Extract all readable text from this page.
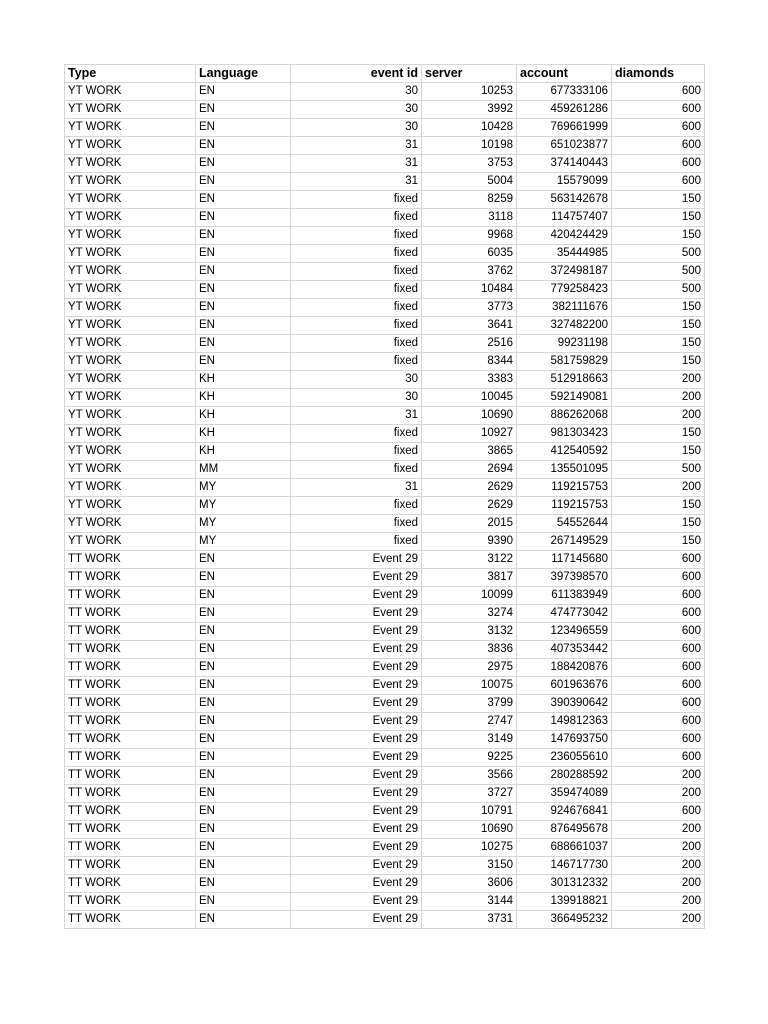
Type	Language	event id	server	account	diamonds
YT WORK	EN	30	10253	677333106	600
YT WORK	EN	30	3992	459261286	600
YT WORK	EN	30	10428	769661999	600
YT WORK	EN	31	10198	651023877	600
YT WORK	EN	31	3753	374140443	600
YT WORK	EN	31	5004	15579099	600
YT WORK	EN	fixed	8259	563142678	150
YT WORK	EN	fixed	3118	114757407	150
YT WORK	EN	fixed	9968	420424429	150
YT WORK	EN	fixed	6035	35444985	500
YT WORK	EN	fixed	3762	372498187	500
YT WORK	EN	fixed	10484	779258423	500
YT WORK	EN	fixed	3773	382111676	150
YT WORK	EN	fixed	3641	327482200	150
YT WORK	EN	fixed	2516	99231198	150
YT WORK	EN	fixed	8344	581759829	150
YT WORK	KH	30	3383	512918663	200
YT WORK	KH	30	10045	592149081	200
YT WORK	KH	31	10690	886262068	200
YT WORK	KH	fixed	10927	981303423	150
YT WORK	KH	fixed	3865	412540592	150
YT WORK	MM	fixed	2694	135501095	500
YT WORK	MY	31	2629	119215753	200
YT WORK	MY	fixed	2629	119215753	150
YT WORK	MY	fixed	2015	54552644	150
YT WORK	MY	fixed	9390	267149529	150
TT WORK	EN	Event 29	3122	117145680	600
TT WORK	EN	Event 29	3817	397398570	600
TT WORK	EN	Event 29	10099	611383949	600
TT WORK	EN	Event 29	3274	474773042	600
TT WORK	EN	Event 29	3132	123496559	600
TT WORK	EN	Event 29	3836	407353442	600
TT WORK	EN	Event 29	2975	188420876	600
TT WORK	EN	Event 29	10075	601963676	600
TT WORK	EN	Event 29	3799	390390642	600
TT WORK	EN	Event 29	2747	149812363	600
TT WORK	EN	Event 29	3149	147693750	600
TT WORK	EN	Event 29	9225	236055610	600
TT WORK	EN	Event 29	3566	280288592	200
TT WORK	EN	Event 29	3727	359474089	200
TT WORK	EN	Event 29	10791	924676841	600
TT WORK	EN	Event 29	10690	876495678	200
TT WORK	EN	Event 29	10275	688661037	200
TT WORK	EN	Event 29	3150	146717730	200
TT WORK	EN	Event 29	3606	301312332	200
TT WORK	EN	Event 29	3144	139918821	200
TT WORK	EN	Event 29	3731	366495232	200
